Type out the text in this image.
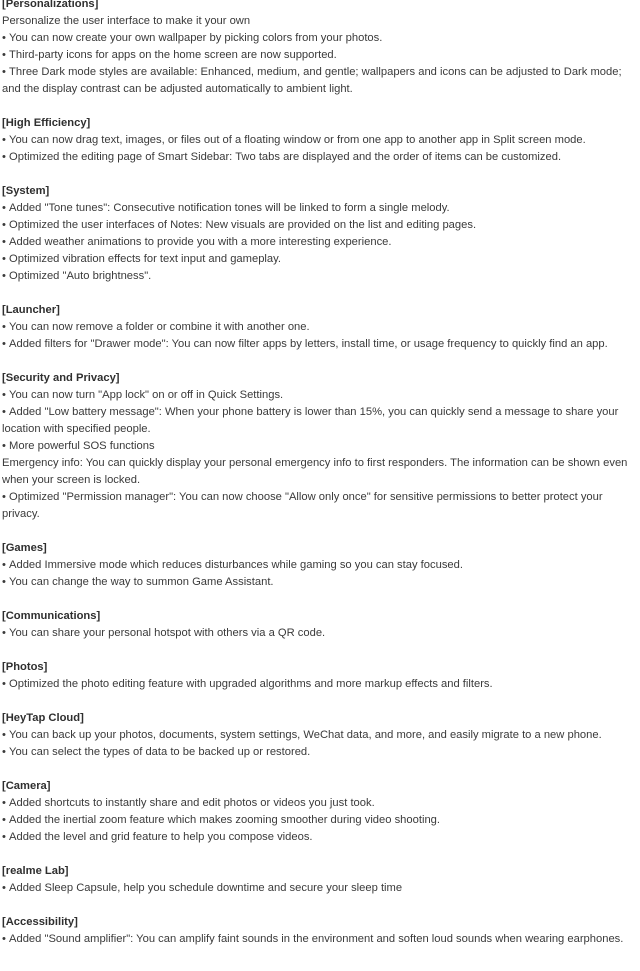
[Personalizations]
Personalize the user interface to make it your own
• You can now create your own wallpaper by picking colors from your photos.
• Third-party icons for apps on the home screen are now supported.
• Three Dark mode styles are available: Enhanced, medium, and gentle; wallpapers and icons can be adjusted to Dark mode; and the display contrast can be adjusted automatically to ambient light.
[High Efficiency]
• You can now drag text, images, or files out of a floating window or from one app to another app in Split screen mode.
• Optimized the editing page of Smart Sidebar: Two tabs are displayed and the order of items can be customized.
[System]
• Added "Tone tunes": Consecutive notification tones will be linked to form a single melody.
• Optimized the user interfaces of Notes: New visuals are provided on the list and editing pages.
• Added weather animations to provide you with a more interesting experience.
• Optimized vibration effects for text input and gameplay.
• Optimized "Auto brightness".
[Launcher]
• You can now remove a folder or combine it with another one.
• Added filters for "Drawer mode": You can now filter apps by letters, install time, or usage frequency to quickly find an app.
[Security and Privacy]
• You can now turn "App lock" on or off in Quick Settings.
• Added "Low battery message": When your phone battery is lower than 15%, you can quickly send a message to share your location with specified people.
• More powerful SOS functions
Emergency info: You can quickly display your personal emergency info to first responders. The information can be shown even when your screen is locked.
• Optimized "Permission manager": You can now choose "Allow only once" for sensitive permissions to better protect your privacy.
[Games]
• Added Immersive mode which reduces disturbances while gaming so you can stay focused.
• You can change the way to summon Game Assistant.
[Communications]
• You can share your personal hotspot with others via a QR code.
[Photos]
• Optimized the photo editing feature with upgraded algorithms and more markup effects and filters.
[HeyTap Cloud]
• You can back up your photos, documents, system settings, WeChat data, and more, and easily migrate to a new phone.
• You can select the types of data to be backed up or restored.
[Camera]
• Added shortcuts to instantly share and edit photos or videos you just took.
• Added the inertial zoom feature which makes zooming smoother during video shooting.
• Added the level and grid feature to help you compose videos.
[realme Lab]
• Added Sleep Capsule, help you schedule downtime and secure your sleep time
[Accessibility]
• Added "Sound amplifier": You can amplify faint sounds in the environment and soften loud sounds when wearing earphones.
